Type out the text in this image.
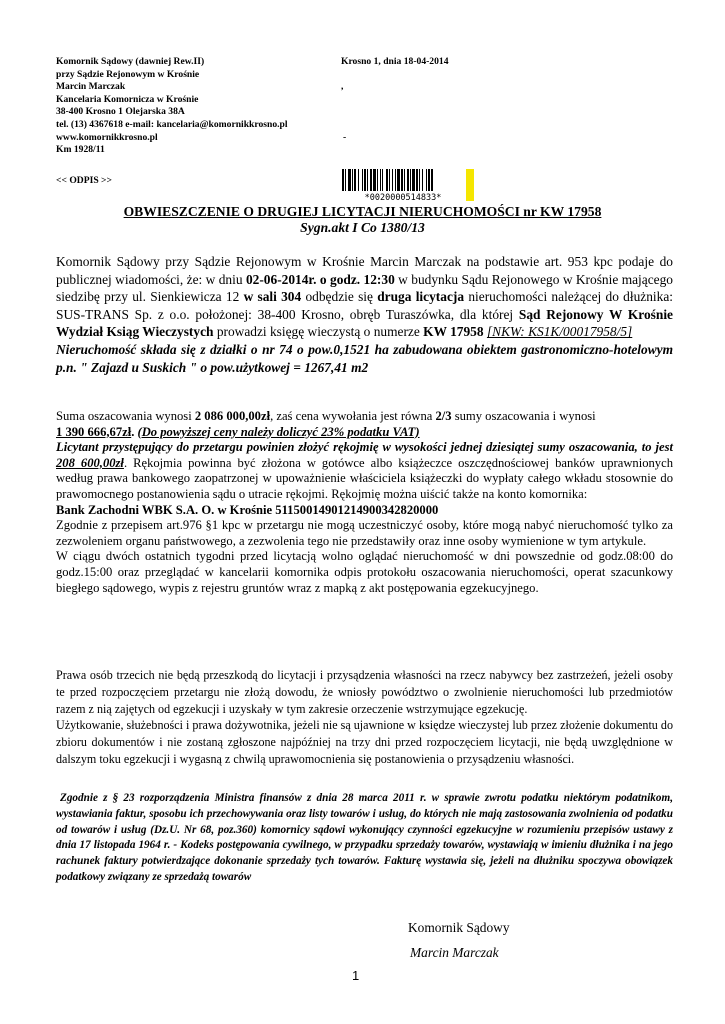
Komornik Sądowy (dawniej Rew.II)
przy Sądzie Rejonowym w Krośnie
Marcin Marczak
Kancelaria Komornicza w Krośnie
38-400 Krosno 1 Olejarska 38A
tel. (13) 4367618 e-mail: kancelaria@komornikkrosno.pl
www.komornikkrosno.pl
Km 1928/11
Krosno 1, dnia 18-04-2014
,
-
<< ODPIS >>
*0020000514833*
OBWIESZCZENIE O DRUGIEJ LICYTACJI NIERUCHOMOŚCI nr KW 17958
Sygn.akt I Co 1380/13
Komornik Sądowy przy Sądzie Rejonowym w Krośnie Marcin Marczak na podstawie art. 953 kpc podaje do publicznej wiadomości, że: w dniu 02-06-2014r. o godz. 12:30 w budynku Sądu Rejonowego w Krośnie mającego siedzibę przy ul. Sienkiewicza 12 w sali 304 odbędzie się druga licytacja nieruchomości należącej do dłużnika: SUS-TRANS Sp. z o.o. położonej: 38-400 Krosno, obręb Turaszówka, dla której Sąd Rejonowy W Krośnie Wydział Ksiąg Wieczystych prowadzi księgę wieczystą o numerze KW 17958 [NKW: KS1K/00017958/5]
Nieruchomość składa się z działki o nr 74 o pow.0,1521 ha zabudowana obiektem gastronomiczno-hotelowym p.n. " Zajazd u Suskich " o pow.użytkowej = 1267,41 m2
Suma oszacowania wynosi 2 086 000,00zł, zaś cena wywołania jest równa 2/3 sumy oszacowania i wynosi
1 390 666,67zł. (Do powyższej ceny należy doliczyć 23% podatku VAT)
Licytant przystępujący do przetargu powinien złożyć rękojmię w wysokości jednej dziesiątej sumy oszacowania, to jest 208 600,00zł. Rękojmia powinna być złożona w gotówce albo książeczce oszczędnościowej banków uprawnionych według prawa bankowego zaopatrzonej w upoważnienie właściciela książeczki do wypłaty całego wkładu stosownie do prawomocnego postanowienia sądu o utracie rękojmi. Rękojmię można uiścić także na konto komornika:
Bank Zachodni WBK S.A. O. w Krośnie 51150014901214900342820000
Zgodnie z przepisem art.976 §1 kpc w przetargu nie mogą uczestniczyć osoby, które mogą nabyć nieruchomość tylko za zezwoleniem organu państwowego, a zezwolenia tego nie przedstawiły oraz inne osoby wymienione w tym artykule.
W ciągu dwóch ostatnich tygodni przed licytacją wolno oglądać nieruchomość w dni powszednie od godz.08:00 do godz.15:00 oraz przeglądać w kancelarii komornika odpis protokołu oszacowania nieruchomości, operat szacunkowy biegłego sądowego, wypis z rejestru gruntów wraz z mapką z akt postępowania egzekucyjnego.
Prawa osób trzecich nie będą przeszkodą do licytacji i przysądzenia własności na rzecz nabywcy bez zastrzeżeń, jeżeli osoby te przed rozpoczęciem przetargu nie złożą dowodu, że wniosły powództwo o zwolnienie nieruchomości lub przedmiotów razem z nią zajętych od egzekucji i uzyskały w tym zakresie orzeczenie wstrzymujące egzekucję.
Użytkowanie, służebności i prawa dożywotnika, jeżeli nie są ujawnione w księdze wieczystej lub przez złożenie dokumentu do zbioru dokumentów i nie zostaną zgłoszone najpóźniej na trzy dni przed rozpoczęciem licytacji, nie będą uwzględnione w dalszym toku egzekucji i wygasną z chwilą uprawomocnienia się postanowienia o przysądzeniu własności.
Zgodnie z § 23 rozporządzenia Ministra finansów z dnia 28 marca 2011 r. w sprawie zwrotu podatku niektórym podatnikom, wystawiania faktur, sposobu ich przechowywania oraz listy towarów i usług, do których nie mają zastosowania zwolnienia od podatku od towarów i usług (Dz.U. Nr 68, poz.360) komornicy sądowi wykonujący czynności egzekucyjne w rozumieniu przepisów ustawy z dnia 17 listopada 1964 r. - Kodeks postępowania cywilnego, w przypadku sprzedaży towarów, wystawiają w imieniu dłużnika i na jego rachunek faktury potwierdzające dokonanie sprzedaży tych towarów. Fakturę wystawia się, jeżeli na dłużniku spoczywa obowiązek podatkowy związany ze sprzedażą towarów
Komornik Sądowy
Marcin Marczak
1
